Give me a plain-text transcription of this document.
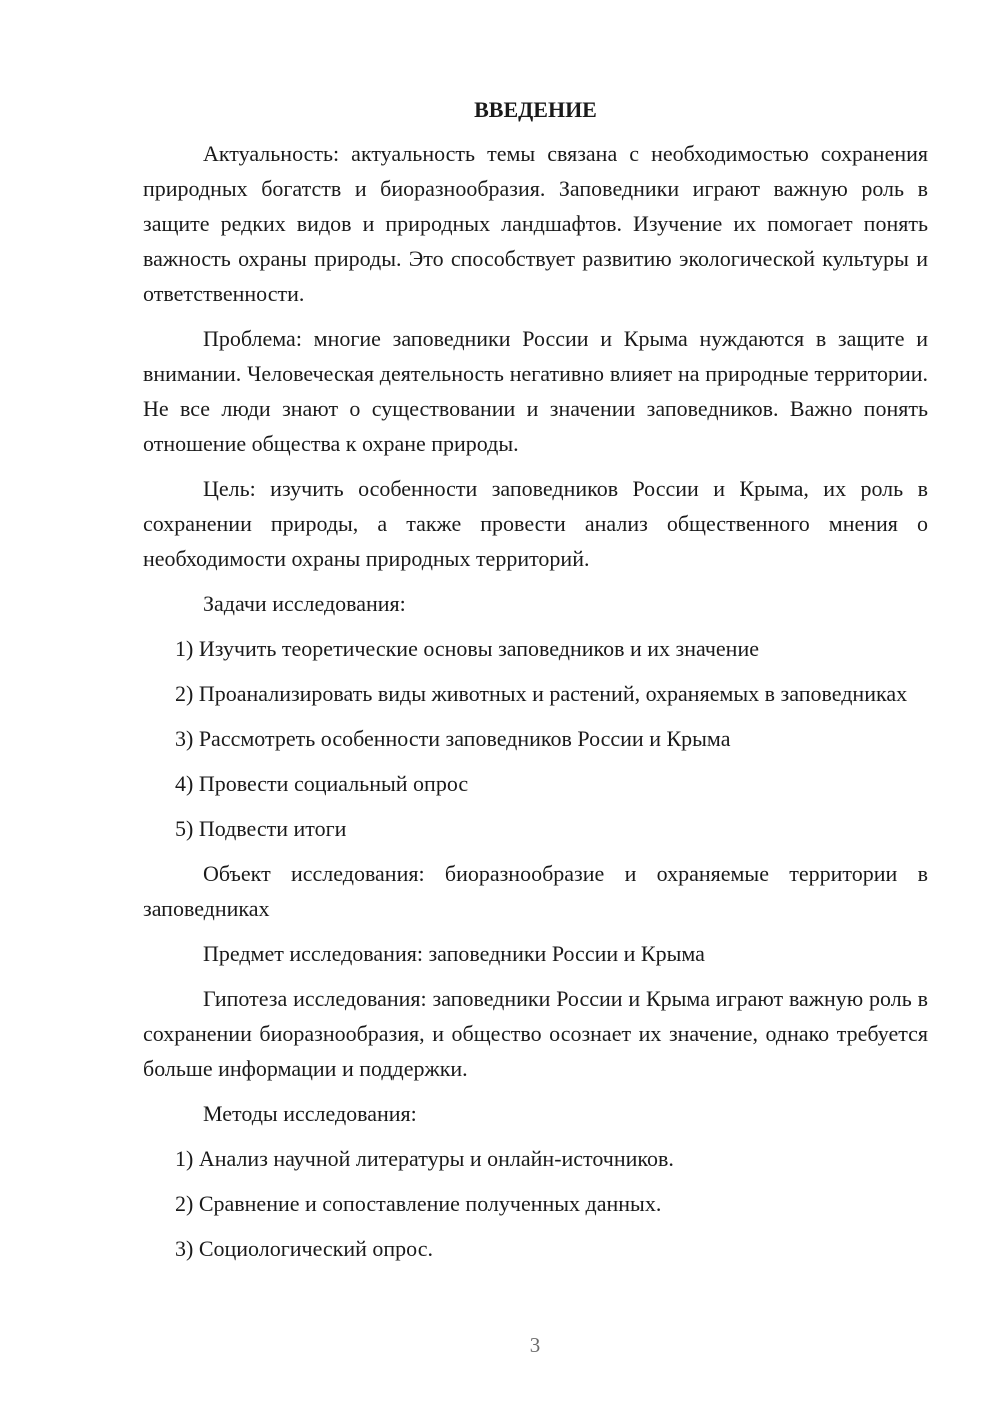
ВВЕДЕНИЕ

Актуальность: актуальность темы связана с необходимостью сохранения природных богатств и биоразнообразия. Заповедники играют важную роль в защите редких видов и природных ландшафтов. Изучение их помогает понять важность охраны природы. Это способствует развитию экологической культуры и ответственности.

Проблема: многие заповедники России и Крыма нуждаются в защите и внимании. Человеческая деятельность негативно влияет на природные территории. Не все люди знают о существовании и значении заповедников. Важно понять отношение общества к охране природы.

Цель: изучить особенности заповедников России и Крыма, их роль в сохранении природы, а также провести анализ общественного мнения о необходимости охраны природных территорий.

Задачи исследования:

1) Изучить теоретические основы заповедников и их значение

2) Проанализировать виды животных и растений, охраняемых в заповедниках

3) Рассмотреть особенности заповедников России и Крыма

4) Провести социальный опрос

5) Подвести итоги

Объект исследования: биоразнообразие и охраняемые территории в заповедниках

Предмет исследования: заповедники России и Крыма

Гипотеза исследования: заповедники России и Крыма играют важную роль в сохранении биоразнообразия, и общество осознает их значение, однако требуется больше информации и поддержки.

Методы исследования:

1) Анализ научной литературы и онлайн-источников.

2) Сравнение и сопоставление полученных данных.

3) Социологический опрос.

3
